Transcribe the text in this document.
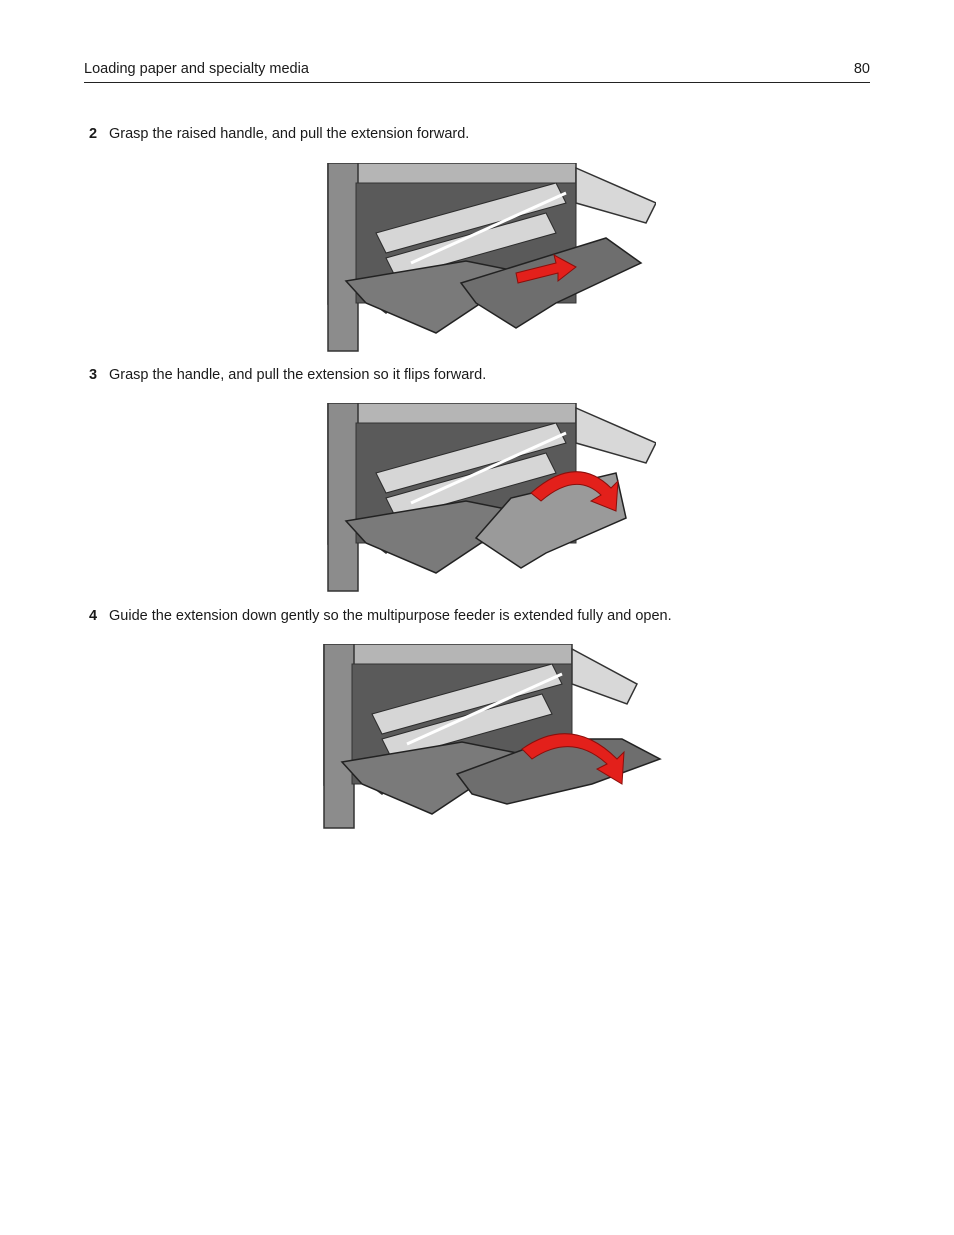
Loading paper and specialty media	80
2 Grasp the raised handle, and pull the extension forward.
3 Grasp the handle, and pull the extension so it flips forward.
4 Guide the extension down gently so the multipurpose feeder is extended fully and open.
